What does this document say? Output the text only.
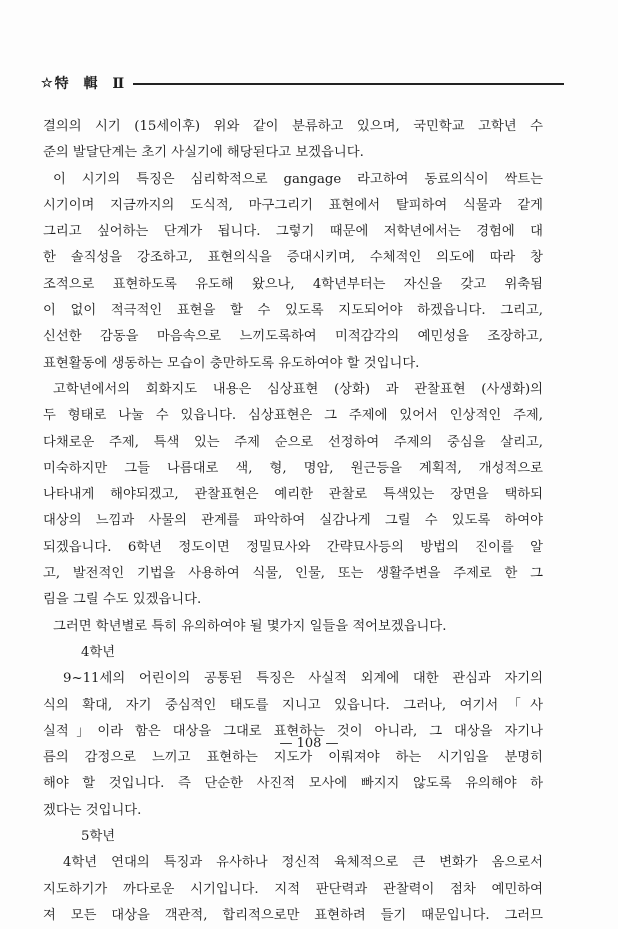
☆ 特 輯 Ⅱ
결의의 시기 (15세이후) 위와 같이 분류하고 있으며, 국민학교 고학년 수
준의 발달단계는 초기 사실기에 해당된다고 보겠읍니다.
이 시기의 특징은 심리학적으로 gangage 라고하여 동료의식이 싹트는
시기이며 지금까지의 도식적, 마구그리기 표현에서 탈피하여 식물과 같게
그리고 싶어하는 단계가 됩니다. 그렇기 때문에 저학년에서는 경험에 대
한 솔직성을 강조하고, 표현의식을 증대시키며, 수체적인 의도에 따라 창
조적으로 표현하도록 유도해 왔으나, 4학년부터는 자신을 갖고 위축됨
이 없이 적극적인 표현을 할 수 있도록 지도되어야 하겠읍니다. 그리고,
신선한 감동을 마음속으로 느끼도록하여 미적감각의 예민성을 조장하고,
표현활동에 생동하는 모습이 충만하도록 유도하여야 할 것입니다.
고학년에서의 회화지도 내용은 심상표현 (상화) 과 관찰표현 (사생화)의
두 형태로 나눌 수 있읍니다. 심상표현은 그 주제에 있어서 인상적인 주제,
다채로운 주제, 특색 있는 주제 순으로 선정하여 주제의 중심을 살리고,
미숙하지만 그들 나름대로 색, 형, 명암, 원근등을 계획적, 개성적으로
나타내게 해야되겠고, 관찰표현은 예리한 관찰로 특색있는 장면을 택하되
대상의 느낌과 사물의 관계를 파악하여 실감나게 그릴 수 있도록 하여야
되겠읍니다. 6학년 정도이면 정밀묘사와 간략묘사등의 방법의 진이를 알
고, 발전적인 기법을 사용하여 식물, 인물, 또는 생활주변을 주제로 한 그
림을 그릴 수도 있겠읍니다.
그러면 학년별로 특히 유의하여야 될 몇가지 일들을 적어보겠읍니다.
4학년
9~11세의 어린이의 공통된 특징은 사실적 외계에 대한 관심과 자기의
식의 확대, 자기 중심적인 태도를 지니고 있읍니다. 그러나, 여기서「사
실적」이라 함은 대상을 그대로 표현하는 것이 아니라, 그 대상을 자기나
름의 감정으로 느끼고 표현하는 지도가 이뤄져야 하는 시기임을 분명히
해야 할 것입니다. 즉 단순한 사진적 모사에 빠지지 않도록 유의해야 하
겠다는 것입니다.
5학년
4학년 연대의 특징과 유사하나 정신적 육체적으로 큰 변화가 옴으로서
지도하기가 까다로운 시기입니다. 지적 판단력과 관찰력이 점차 예민하여
져 모든 대상을 객관적, 합리적으로만 표현하려 들기 때문입니다. 그러므
— 108 —
